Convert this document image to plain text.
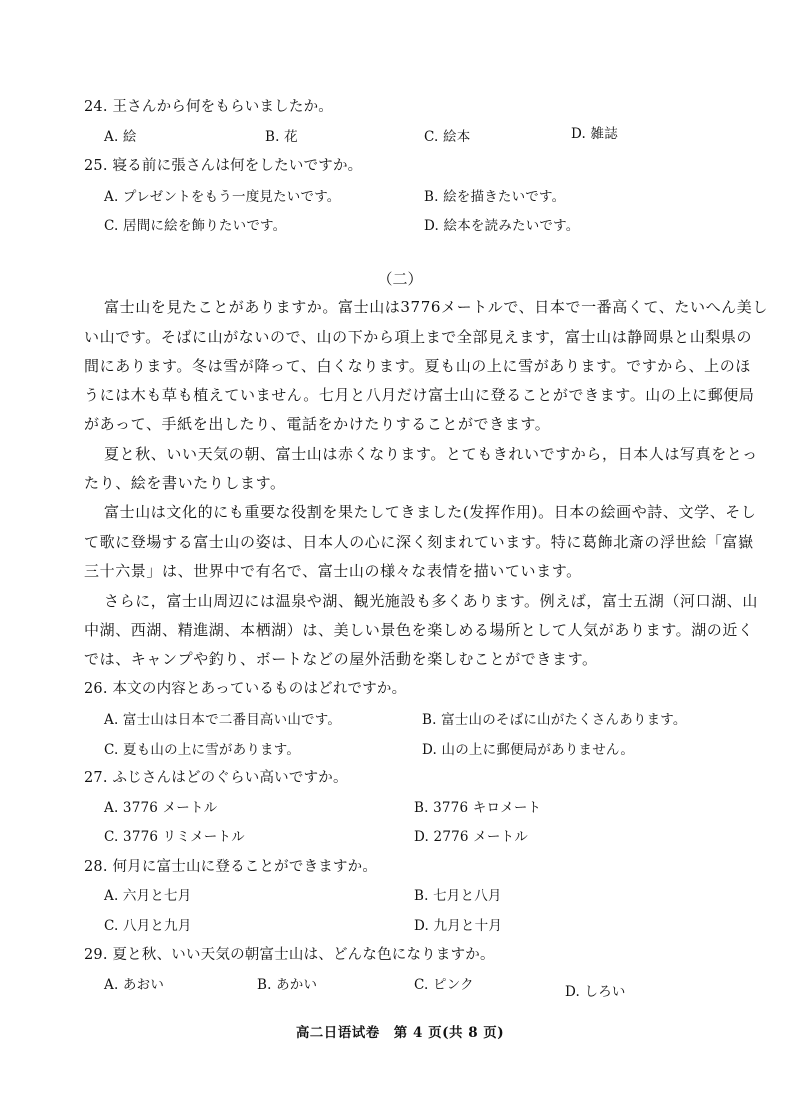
24. 王さんから何をもらいましたか。
A. 絵	B. 花	C. 絵本	D. 雑誌
25. 寝る前に張さんは何をしたいですか。
A. プレゼントをもう一度見たいです。	B. 絵を描きたいです。
C. 居間に絵を飾りたいです。	D. 絵本を読みたいです。
（二）
富士山を見たことがありますか。富士山は3776メートルで、日本で一番高くて、たいへん美し
い山です。そばに山がないので、山の下から項上まで全部見えます，富士山は静岡県と山梨県の
間にあります。冬は雪が降って、白くなります。夏も山の上に雪があります。ですから、上のほ
うには木も草も植えていません。七月と八月だけ富士山に登ることができます。山の上に郵便局
があって、手紙を出したり、電話をかけたりすることができます。
夏と秋、いい天気の朝、富士山は赤くなります。とてもきれいですから，日本人は写真をとっ
たり、絵を書いたりします。
富士山は文化的にも重要な役割を果たしてきました(发挥作用)。日本の絵画や詩、文学、そし
て歌に登場する富士山の姿は、日本人の心に深く刻まれています。特に葛飾北斎の浮世絵「富嶽
三十六景」は、世界中で有名で、富士山の様々な表情を描いています。
さらに，富士山周辺には温泉や湖、観光施設も多くあります。例えば，富士五湖（河口湖、山
中湖、西湖、精進湖、本栖湖）は、美しい景色を楽しめる場所として人気があります。湖の近く
では、キャンプや釣り、ボートなどの屋外活動を楽しむことができます。
26. 本文の内容とあっているものはどれですか。
A. 富士山は日本で二番目高い山です。	B. 富士山のそばに山がたくさんあります。
C. 夏も山の上に雪があります。	D. 山の上に郵便局がありません。
27. ふじさんはどのぐらい高いですか。
A. 3776 メートル	B. 3776 キロメート
C. 3776 リミメートル	D. 2776 メートル
28. 何月に富士山に登ることができますか。
A. 六月と七月	B. 七月と八月
C. 八月と九月	D. 九月と十月
29. 夏と秋、いい天気の朝富士山は、どんな色になりますか。
A. あおい	B. あかい	C. ピンク	D. しろい
高二日语试卷　第 4 页(共 8 页)
